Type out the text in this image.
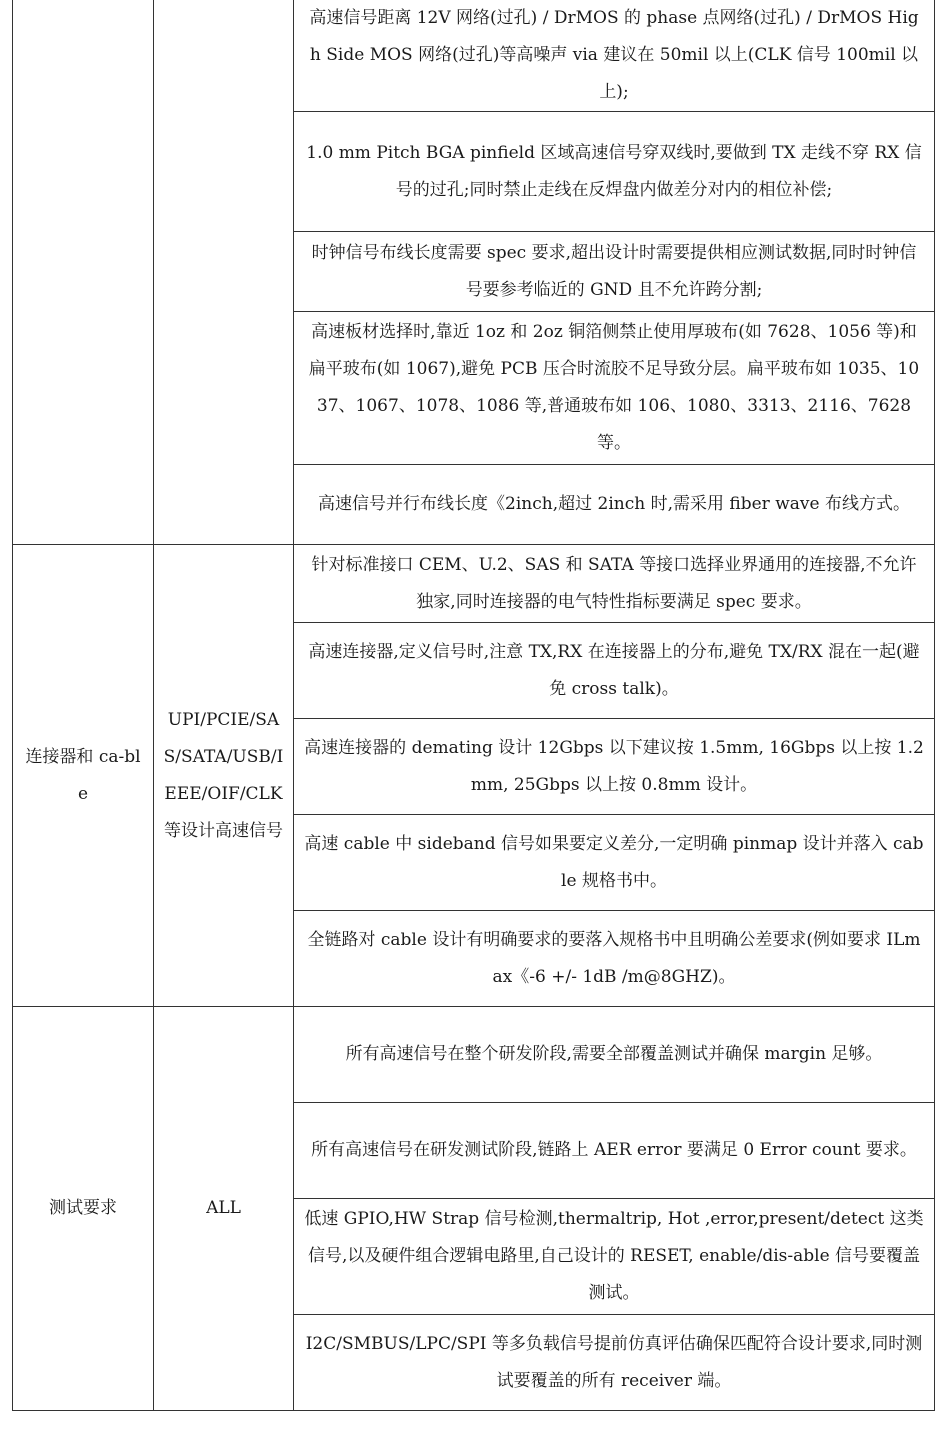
		高速信号距离 12V 网络(过孔) / DrMOS 的 phase 点网络(过孔) / DrMOS High Side MOS 网络(过孔)等高噪声 via 建议在 50mil 以上(CLK 信号 100mil 以上);
		1.0 mm Pitch BGA pinfield 区域高速信号穿双线时,要做到 TX 走线不穿 RX 信号的过孔;同时禁止走线在反焊盘内做差分对内的相位补偿;
		时钟信号布线长度需要 spec 要求,超出设计时需要提供相应测试数据,同时时钟信号要参考临近的 GND 且不允许跨分割;
		高速板材选择时,靠近 1oz 和 2oz 铜箔侧禁止使用厚玻布(如 7628、1056 等)和扁平玻布(如 1067),避免 PCB 压合时流胶不足导致分层。扁平玻布如 1035、1037、1067、1078、1086 等,普通玻布如 106、1080、3313、2116、7628 等。
		高速信号并行布线长度《2inch,超过 2inch 时,需采用 fiber wave 布线方式。
连接器和 ca-ble	UPI/PCIE/SAS/SATA/USB/IEEE/OIF/CLK 等设计高速信号	针对标准接口 CEM、U.2、SAS 和 SATA 等接口选择业界通用的连接器,不允许独家,同时连接器的电气特性指标要满足 spec 要求。
		高速连接器,定义信号时,注意 TX,RX 在连接器上的分布,避免 TX/RX 混在一起(避免 cross talk)。
		高速连接器的 demating 设计 12Gbps 以下建议按 1.5mm, 16Gbps 以上按 1.2mm, 25Gbps 以上按 0.8mm 设计。
		高速 cable 中 sideband 信号如果要定义差分,一定明确 pinmap 设计并落入 cable 规格书中。
		全链路对 cable 设计有明确要求的要落入规格书中且明确公差要求(例如要求 ILmax《-6 +/- 1dB /m@8GHZ)。
测试要求	ALL	所有高速信号在整个研发阶段,需要全部覆盖测试并确保 margin 足够。
		所有高速信号在研发测试阶段,链路上 AER error 要满足 0 Error count 要求。
		低速 GPIO,HW Strap 信号检测,thermaltrip, Hot ,error,present/detect 这类信号,以及硬件组合逻辑电路里,自己设计的 RESET, enable/dis-able 信号要覆盖测试。
		I2C/SMBUS/LPC/SPI 等多负载信号提前仿真评估确保匹配符合设计要求,同时测试要覆盖的所有 receiver 端。
